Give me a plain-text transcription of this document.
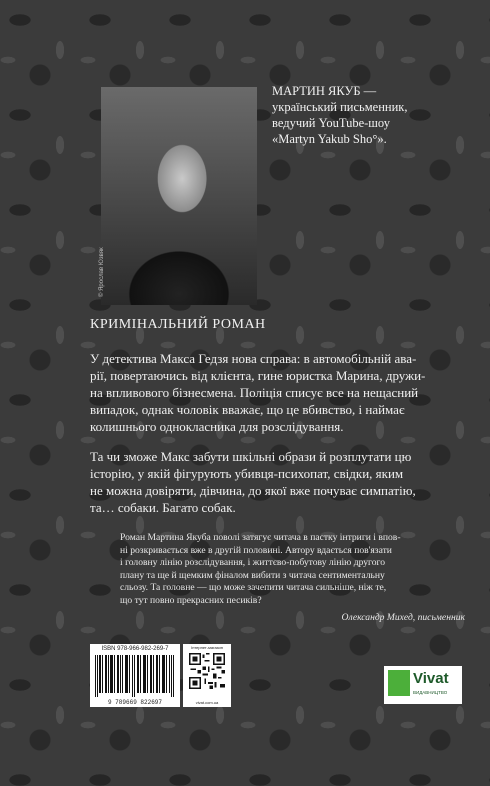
© Ярослав Юзвяк
МАРТИН ЯКУБ —
український письменник,
ведучий YouTube-шоу
«Martyn Yakub Sho°».
КРИМІНАЛЬНИЙ РОМАН
У детектива Макса Гедзя нова справа: в автомобільній ава-
рії, повертаючись від клієнта, гине юристка Марина, дружи-
на впливового бізнесмена. Поліція списує все на нещасний
випадок, однак чоловік вважає, що це вбивство, і наймає
колишнього однокласника для розслідування.
Та чи зможе Макс забути шкільні образи й розплутати цю
історію, у якій фігурують убивця-психопат, свідки, яким
не можна довіряти, дівчина, до якої вже почуває симпатію,
та… собаки. Багато собак.
Роман Мартина Якуба поволі затягує читача в пастку інтриги і впов-
ні розкривається вже в другій половині. Автору вдається пов'язати
і головну лінію розслідування, і життєво-побутову лінію другого
плану та ще й щемким фіналом вибити з читача сентиментальну
сльозу. Та головне — що може зачепити читача сильніше, ніж те,
що тут повно прекрасних песиків?
Олександр Михед, письменник
ISBN 978-966-982-269-7
9 789669 822697
Інтернет-магазин
vivat.com.ua
Vivat
ВИДАВНИЦТВО
